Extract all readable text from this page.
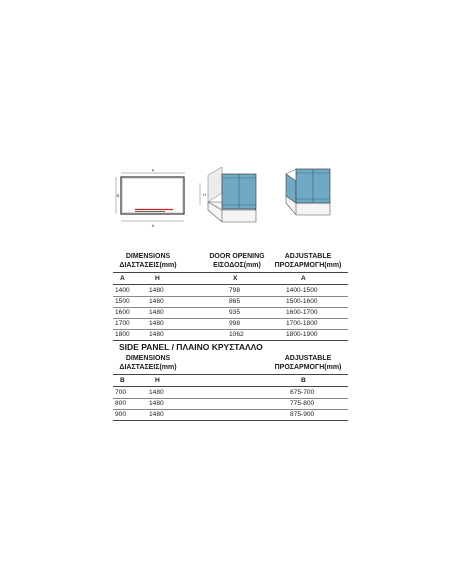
A
B
A
H
DIMENSIONS
ΔΙΑΣΤΑΣΕΙΣ(mm)
DOOR OPENING
ΕΙΣΟΔΟΣ(mm)
ADJUSTABLE
ΠΡΟΣΑΡΜΟΓΗ(mm)
A	H	X	A
1400	1480	798	1400-1500
1500	1480	865	1500-1600
1600	1480	935	1600-1700
1700	1480	998	1700-1800
1800	1480	1062	1800-1900
SIDE PANEL / ΠΛΑΙΝΟ ΚΡΥΣΤΑΛΛΟ
DIMENSIONS
ΔΙΑΣΤΑΣΕΙΣ(mm)
ADJUSTABLE
ΠΡΟΣΑΡΜΟΓΗ(mm)
B	H	B
700	1480	675-700
800	1480	775-800
900	1480	875-900
